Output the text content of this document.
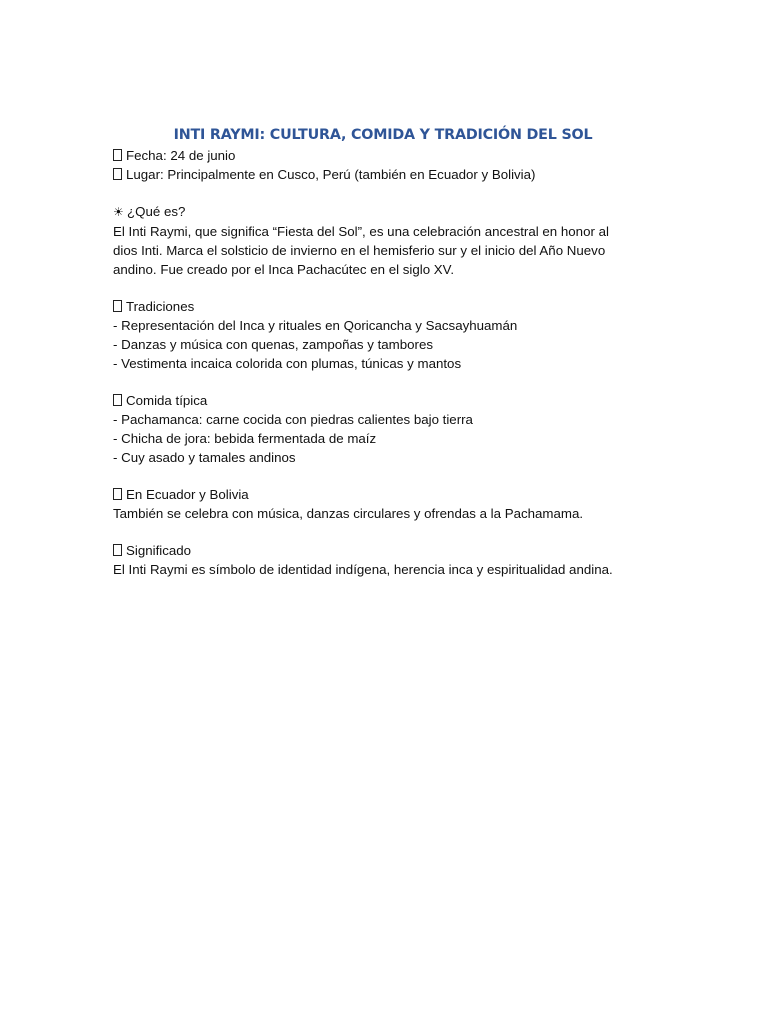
INTI RAYMI: CULTURA, COMIDA Y TRADICIÓN DEL SOL
Fecha: 24 de junio
Lugar: Principalmente en Cusco, Perú (también en Ecuador y Bolivia)
☀ ¿Qué es?
El Inti Raymi, que significa “Fiesta del Sol”, es una celebración ancestral en honor al
dios Inti. Marca el solsticio de invierno en el hemisferio sur y el inicio del Año Nuevo
andino. Fue creado por el Inca Pachacútec en el siglo XV.
Tradiciones
- Representación del Inca y rituales en Qoricancha y Sacsayhuamán
- Danzas y música con quenas, zampoñas y tambores
- Vestimenta incaica colorida con plumas, túnicas y mantos
Comida típica
- Pachamanca: carne cocida con piedras calientes bajo tierra
- Chicha de jora: bebida fermentada de maíz
- Cuy asado y tamales andinos
En Ecuador y Bolivia
También se celebra con música, danzas circulares y ofrendas a la Pachamama.
Significado
El Inti Raymi es símbolo de identidad indígena, herencia inca y espiritualidad andina.
